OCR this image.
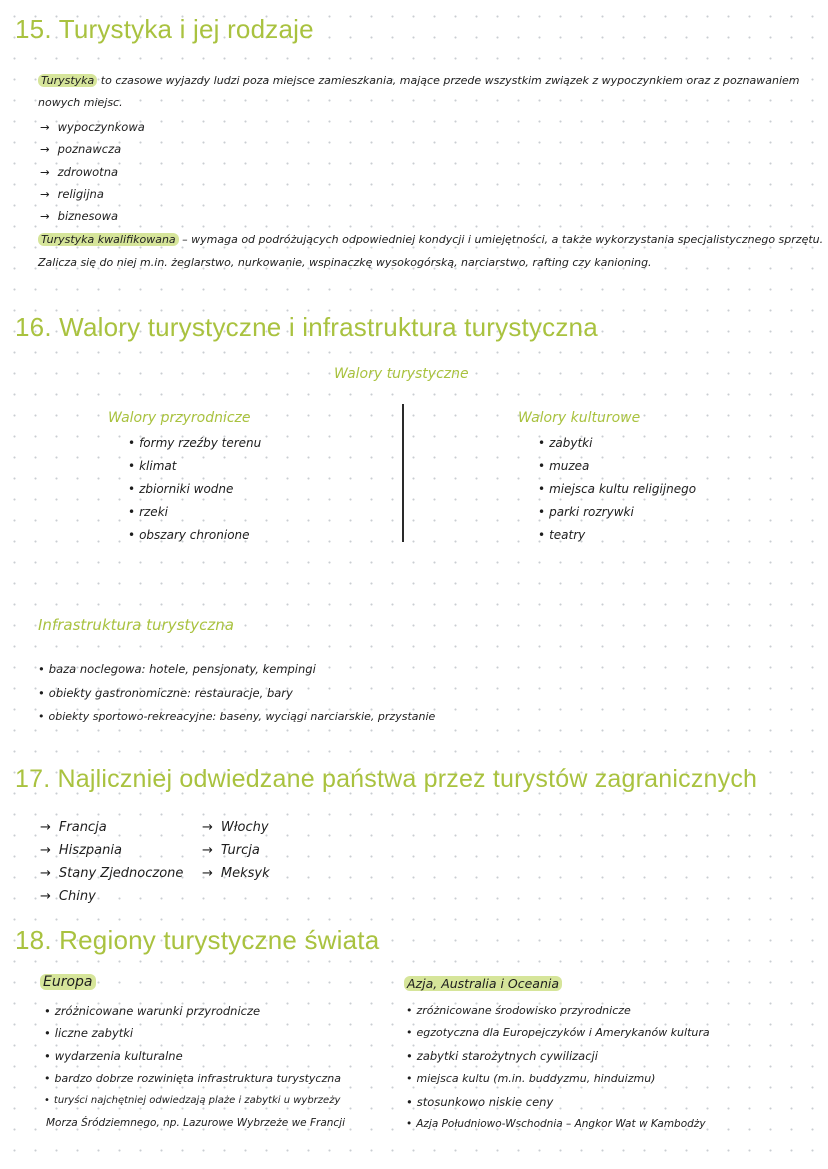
15. Turystyka i jej rodzaje
Turystyka to czasowe wyjazdy ludzi poza miejsce zamieszkania, mające przede wszystkim związek z wypoczynkiem oraz z poznawaniem
nowych miejsc.
→ wypoczynkowa
→ poznawcza
→ zdrowotna
→ religijna
→ biznesowa
Turystyka kwalifikowana – wymaga od podróżujących odpowiedniej kondycji i umiejętności, a także wykorzystania specjalistycznego sprzętu.
Zalicza się do niej m.in. żeglarstwo, nurkowanie, wspinaczkę wysokogórską, narciarstwo, rafting czy kanioning.
16. Walory turystyczne i infrastruktura turystyczna
Walory turystyczne
Walory przyrodnicze
• formy rzeźby terenu
• klimat
• zbiorniki wodne
• rzeki
• obszary chronione
Walory kulturowe
• zabytki
• muzea
• miejsca kultu religijnego
• parki rozrywki
• teatry
Infrastruktura turystyczna
• baza noclegowa: hotele, pensjonaty, kempingi
• obiekty gastronomiczne: restauracje, bary
• obiekty sportowo-rekreacyjne: baseny, wyciągi narciarskie, przystanie
17. Najliczniej odwiedzane państwa przez turystów zagranicznych
→ Francja
→ Hiszpania
→ Stany Zjednoczone
→ Chiny
→ Włochy
→ Turcja
→ Meksyk
18. Regiony turystyczne świata
Europa
• zróżnicowane warunki przyrodnicze
• liczne zabytki
• wydarzenia kulturalne
• bardzo dobrze rozwinięta infrastruktura turystyczna
• turyści najchętniej odwiedzają plaże i zabytki u wybrzeży
Morza Śródziemnego, np. Lazurowe Wybrzeże we Francji
Azja, Australia i Oceania
• zróżnicowane środowisko przyrodnicze
• egzotyczna dla Europejczyków i Amerykanów kultura
• zabytki starożytnych cywilizacji
• miejsca kultu (m.in. buddyzmu, hinduizmu)
• stosunkowo niskie ceny
• Azja Południowo-Wschodnia – Angkor Wat w Kambodży
